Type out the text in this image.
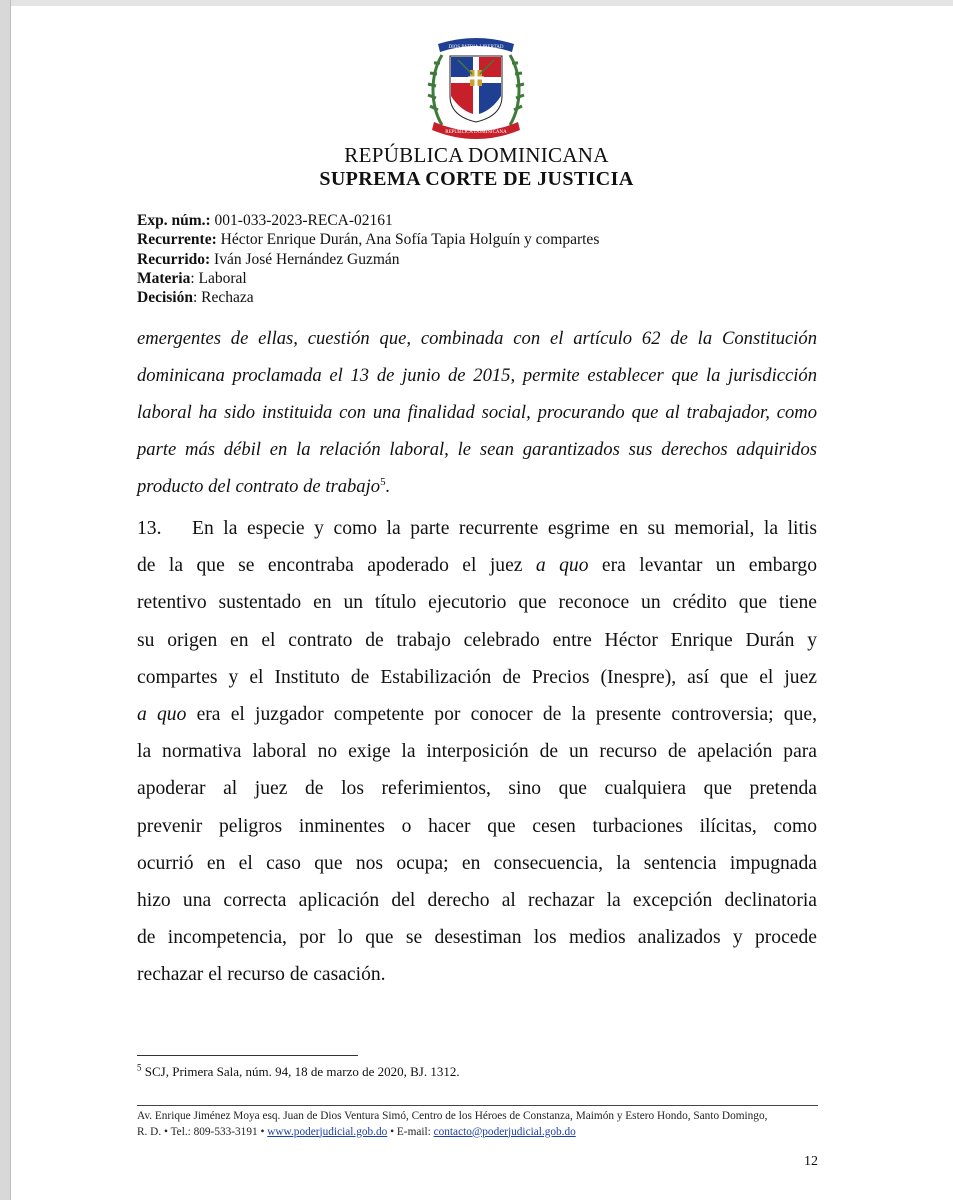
DIOS PATRIA LIBERTAD
REPÚBLICA DOMINICANA
REPÚBLICA DOMINICANA
SUPREMA CORTE DE JUSTICIA
Exp. núm.: 001-033-2023-RECA-02161
Recurrente: Héctor Enrique Durán, Ana Sofía Tapia Holguín y compartes
Recurrido: Iván José Hernández Guzmán
Materia: Laboral
Decisión: Rechaza
emergentes de ellas, cuestión que, combinada con el artículo 62 de la Constitución
dominicana proclamada el 13 de junio de 2015, permite establecer que la jurisdicción
laboral ha sido instituida con una finalidad social, procurando que al trabajador, como
parte más débil en la relación laboral, le sean garantizados sus derechos adquiridos
producto del contrato de trabajo$^5$.
13. En la especie y como la parte recurrente esgrime en su memorial, la litis
de la que se encontraba apoderado el juez a quo era levantar un embargo
retentivo sustentado en un título ejecutorio que reconoce un crédito que tiene
su origen en el contrato de trabajo celebrado entre Héctor Enrique Durán y
compartes y el Instituto de Estabilización de Precios (Inespre), así que el juez
a quo era el juzgador competente por conocer de la presente controversia; que,
la normativa laboral no exige la interposición de un recurso de apelación para
apoderar al juez de los referimientos, sino que cualquiera que pretenda
prevenir peligros inminentes o hacer que cesen turbaciones ilícitas, como
ocurrió en el caso que nos ocupa; en consecuencia, la sentencia impugnada
hizo una correcta aplicación del derecho al rechazar la excepción declinatoria
de incompetencia, por lo que se desestiman los medios analizados y procede
rechazar el recurso de casación.
$^5$ SCJ, Primera Sala, núm. 94, 18 de marzo de 2020, BJ. 1312.
Av. Enrique Jiménez Moya esq. Juan de Dios Ventura Simó, Centro de los Héroes de Constanza, Maimón y Estero Hondo, Santo Domingo,
R. D. • Tel.: 809-533-3191 • www.poderjudicial.gob.do • E-mail: contacto@poderjudicial.gob.do
12
